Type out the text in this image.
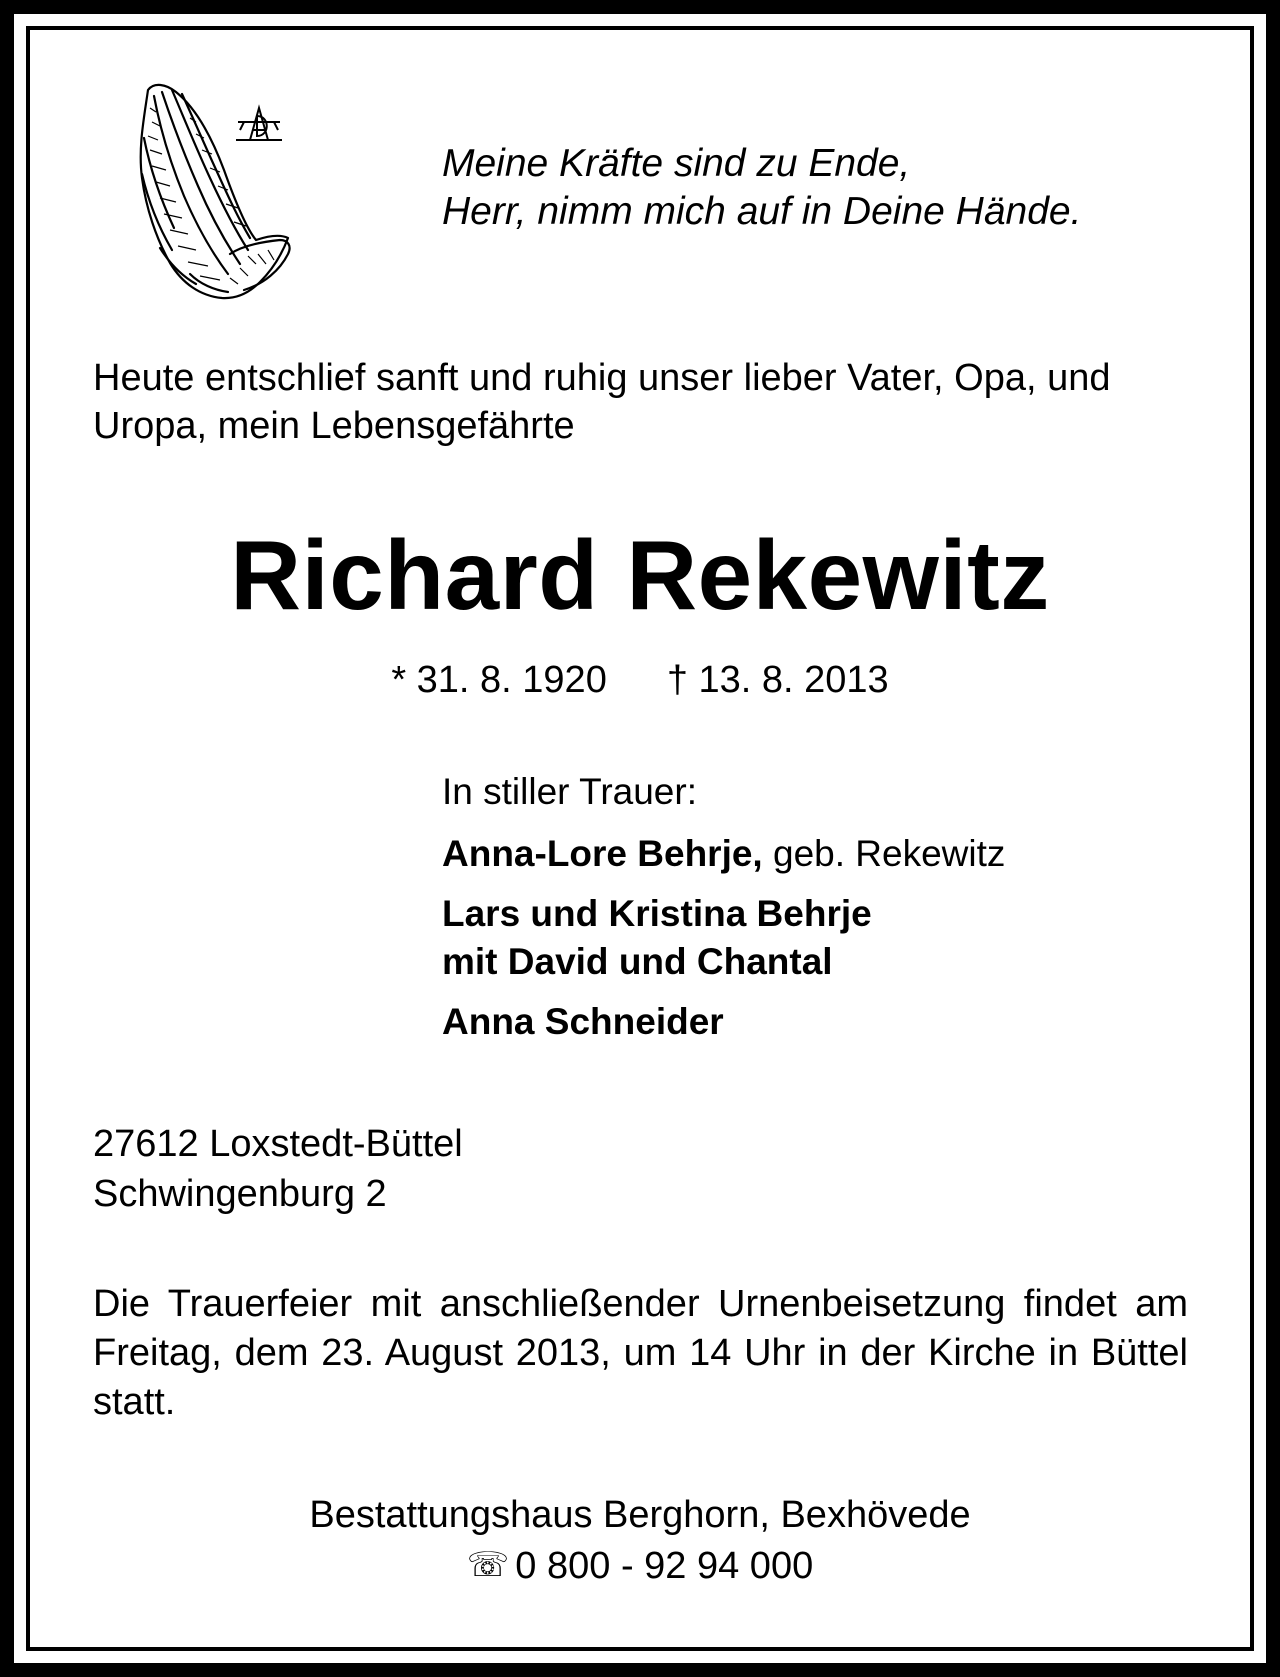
Meine Kräfte sind zu Ende,
Herr, nimm mich auf in Deine Hände.
Heute entschlief sanft und ruhig unser lieber Vater, Opa, und Uropa, mein Lebensgefährte
Richard Rekewitz
* 31. 8. 1920 † 13. 8. 2013
In stiller Trauer:
Anna-Lore Behrje, geb. Rekewitz
Lars und Kristina Behrje
mit David und Chantal
Anna Schneider
27612 Loxstedt-Büttel
Schwingenburg 2
Die Trauerfeier mit anschließender Urnenbeisetzung findet am Freitag, dem 23. August 2013, um 14 Uhr in der Kirche in Büttel statt.
Bestattungshaus Berghorn, Bexhövede
☏ 0 800 - 92 94 000
